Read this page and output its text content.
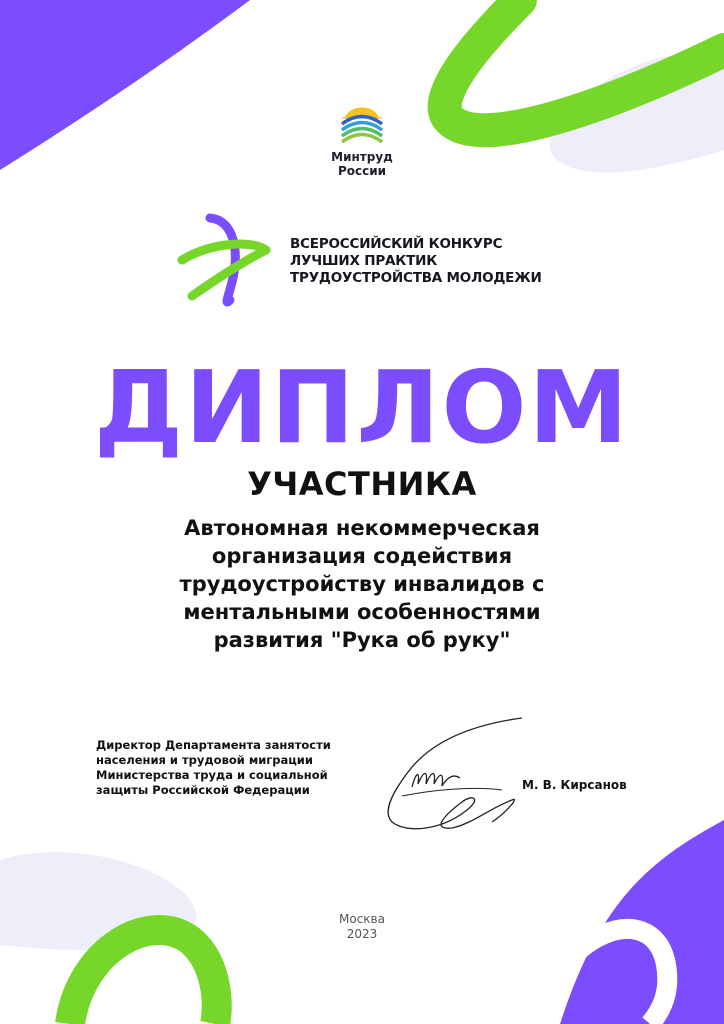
Минтруд
России
ВСЕРОССИЙСКИЙ КОНКУРС
ЛУЧШИХ ПРАКТИК
ТРУДОУСТРОЙСТВА МОЛОДЕЖИ
ДИПЛОМ
УЧАСТНИКА
Автономная некоммерческая
организация содействия
трудоустройству инвалидов с
ментальными особенностями
развития "Рука об руку"
Директор Департамента занятости
населения и трудовой миграции
Министерства труда и социальной
защиты Российской Федерации	М. В. Кирсанов
Москва
2023
